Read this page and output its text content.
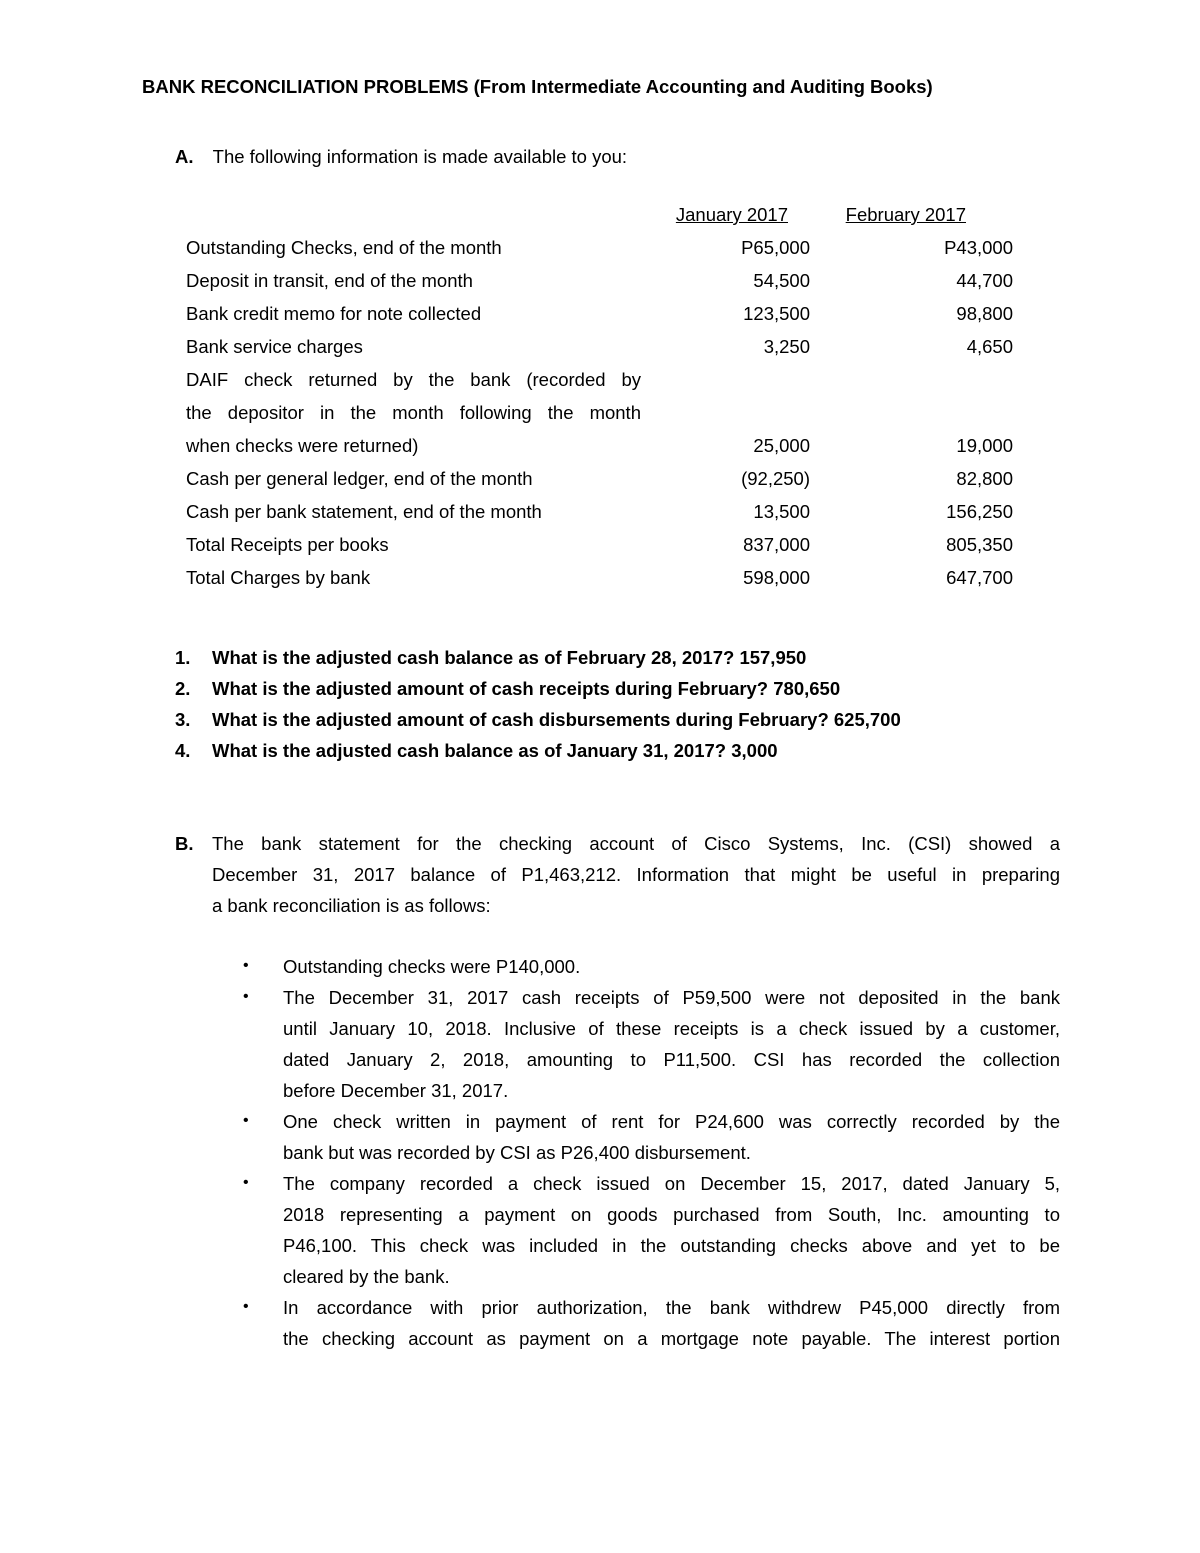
BANK RECONCILIATION PROBLEMS (From Intermediate Accounting and Auditing Books)
A. The following information is made available to you:
January 2017	February 2017
Outstanding Checks, end of the month	P65,000	P43,000
Deposit in transit, end of the month	54,500	44,700
Bank credit memo for note collected	123,500	98,800
Bank service charges	3,250	4,650
DAIF check returned by the bank (recorded by
the depositor in the month following the month
when checks were returned)	25,000	19,000
Cash per general ledger, end of the month	(92,250)	82,800
Cash per bank statement, end of the month	13,500	156,250
Total Receipts per books	837,000	805,350
Total Charges by bank	598,000	647,700
1. What is the adjusted cash balance as of February 28, 2017? 157,950
2. What is the adjusted amount of cash receipts during February? 780,650
3. What is the adjusted amount of cash disbursements during February? 625,700
4. What is the adjusted cash balance as of January 31, 2017? 3,000
B. The bank statement for the checking account of Cisco Systems, Inc. (CSI) showed a
December 31, 2017 balance of P1,463,212. Information that might be useful in preparing
a bank reconciliation is as follows:
• Outstanding checks were P140,000.
• The December 31, 2017 cash receipts of P59,500 were not deposited in the bank
until January 10, 2018. Inclusive of these receipts is a check issued by a customer,
dated January 2, 2018, amounting to P11,500. CSI has recorded the collection
before December 31, 2017.
• One check written in payment of rent for P24,600 was correctly recorded by the
bank but was recorded by CSI as P26,400 disbursement.
• The company recorded a check issued on December 15, 2017, dated January 5,
2018 representing a payment on goods purchased from South, Inc. amounting to
P46,100. This check was included in the outstanding checks above and yet to be
cleared by the bank.
• In accordance with prior authorization, the bank withdrew P45,000 directly from
the checking account as payment on a mortgage note payable. The interest portion
